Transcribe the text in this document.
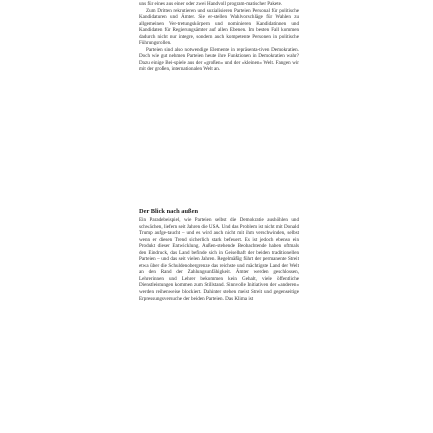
uns für eines aus einer oder zwei Handvoll program-matischer Pakete.

Zum Dritten rekrutieren und sozialisieren Parteien Personal für politische Kandidaturen und Ämter. Sie er-stellen Wahlvorschläge für Wahlen zu allgemeinen Ver-tretungskörpern und nominieren Kandidatinnen und Kandidaten für Regierungsämter auf allen Ebenen. Im besten Fall kommen dadurch nicht nur integre, sondern auch kompetente Personen in politische Führungsrollen.

Parteien sind also notwendige Elemente in repräsenta-tiven Demokratien. Doch wie gut nehmen Parteien heute ihre Funktionen in Demokratien wahr? Dazu einige Bei-spiele aus der »großen« und der »kleinen« Welt. Fangen wir mit der großen, internationalen Welt an.

Der Blick nach außen

Ein Paradebeispiel, wie Parteien selbst die Demokratie aushöhlen und schwächen, liefern seit Jahren die USA. Und das Problem ist nicht mit Donald Trump aufge-taucht – und es wird auch nicht mit ihm verschwinden, selbst wenn er diesen Trend sicherlich stark befeuert. Es ist jedoch ebenso ein Produkt dieser Entwicklung. Außen-stehende Beobachtende haben oftmals den Eindruck, das Land befinde sich in Geiselhaft der beiden traditionellen Parteien – und das seit vielen Jahren. Regelmäßig führt der permanente Streit etwa über die Schuldenobergrenze das reichste und mächtigste Land der Welt an den Rand der Zahlungsunfähigkeit. Ämter werden geschlossen, Lehrerinnen und Lehrer bekommen kein Gehalt, viele öffentliche Dienstleistungen kommen zum Stillstand. Sinnvolle Initiativen der »anderen« werden reihenweise blockiert. Dahinter stehen meist Streit und gegenseitige Erpressungsversuche der beiden Parteien. Das Klima ist
